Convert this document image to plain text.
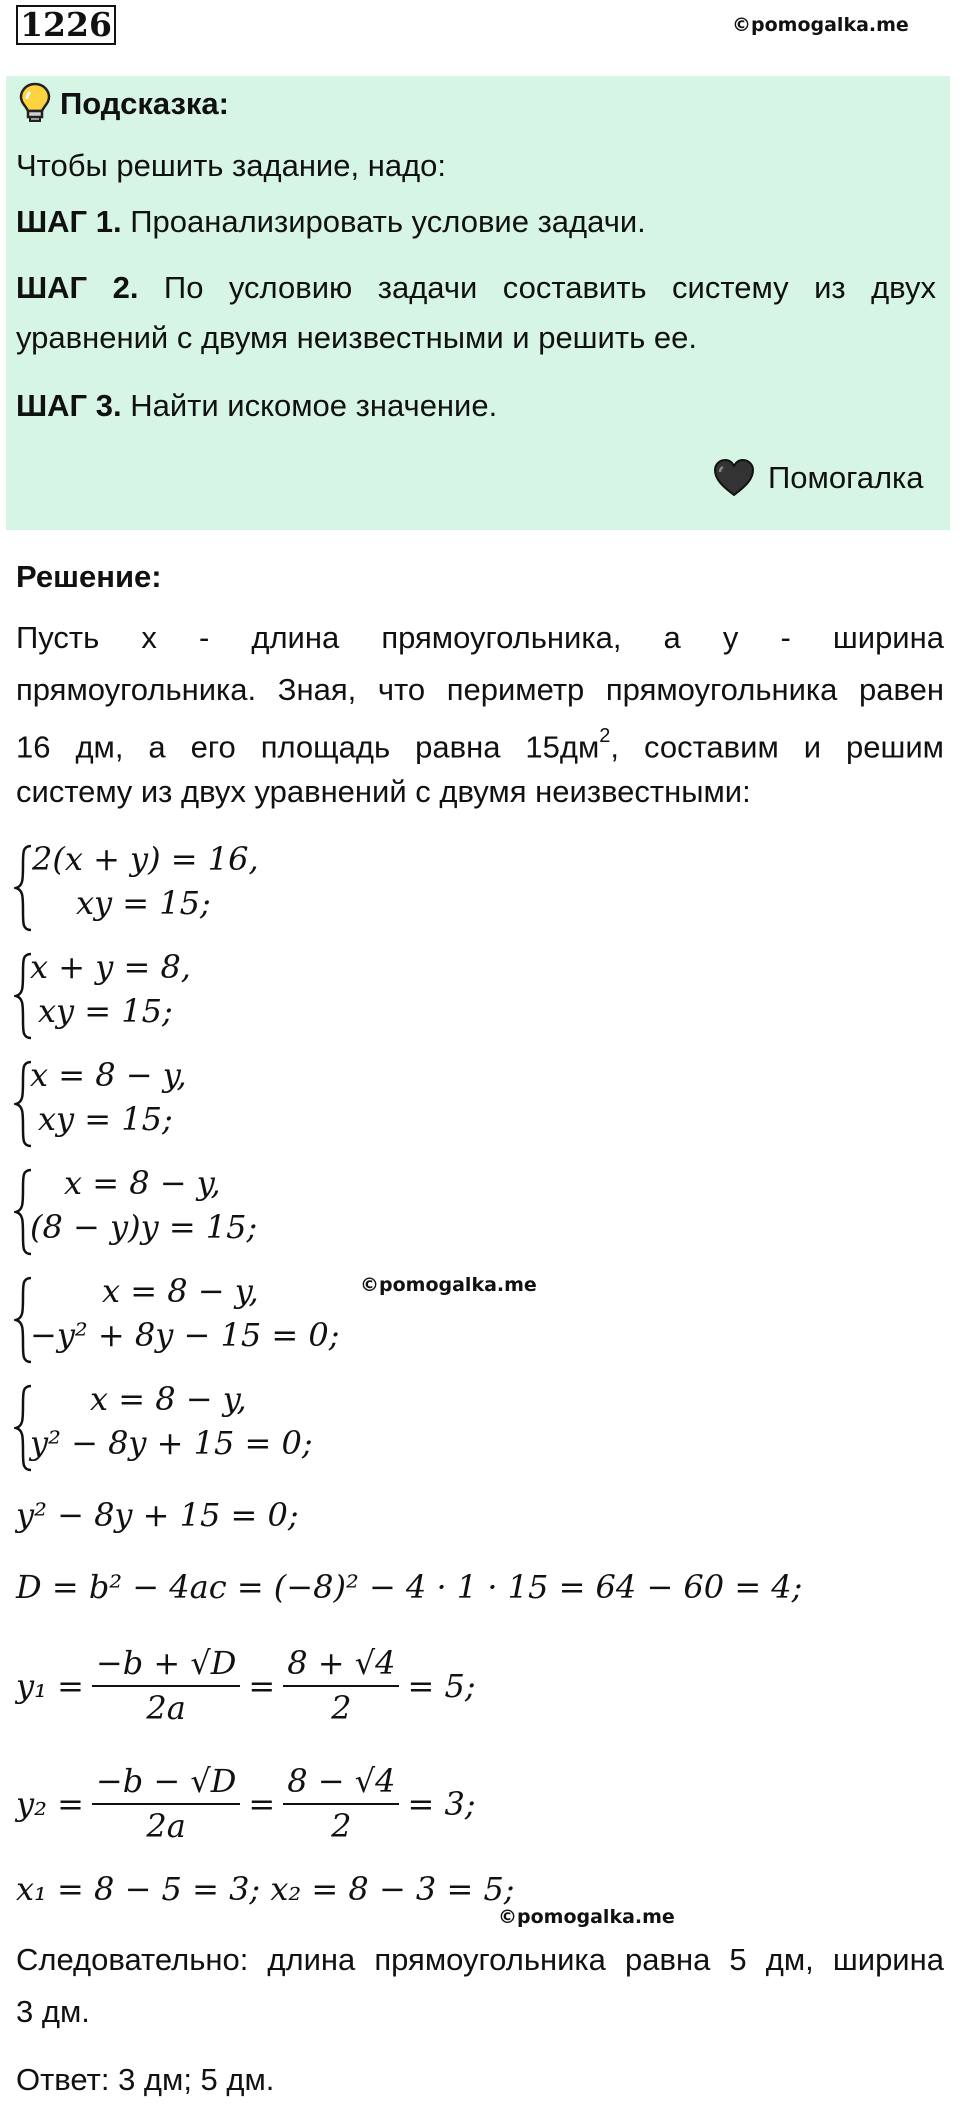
1226	©pomogalka.me
Подсказка:
Чтобы решить задание, надо:
ШАГ 1. Проанализировать условие задачи.
ШАГ 2. По условию задачи составить систему из двух
уравнений с двумя неизвестными и решить ее.
ШАГ 3. Найти искомое значение.
Помогалка
Решение:
Пусть х - длина прямоугольника, а у - ширина
прямоугольника. Зная, что периметр прямоугольника равен
16 дм, а его площадь равна $15дм^2$, составим и решим
системy из двух уравнений с двумя неизвестными:
2(x + y) = 16,
xy = 15;
x + y = 8,
xy = 15;
x = 8 − y,
xy = 15;
x = 8 − y,
(8 − y)y = 15;
©pomogalka.me
x = 8 − y,
−y² + 8y − 15 = 0;
x = 8 − y,
y² − 8y + 15 = 0;
y² − 8y + 15 = 0;
D = b² − 4ac = (−8)² − 4 · 1 · 15 = 64 − 60 = 4;
$y_1 = \frac{-b + √D}{2a} = \frac{8 + √4}{2} = 5$;
$y_2 = \frac{-b - √D}{2a} = \frac{8 - √4}{2} = 3$;
x₁ = 8 − 5 = 3; x₂ = 8 − 3 = 5;
©pomogalka.me
Следовательно: длина прямоугольника равна 5 дм, ширина
3 дм.
Ответ: 3 дм; 5 дм.
